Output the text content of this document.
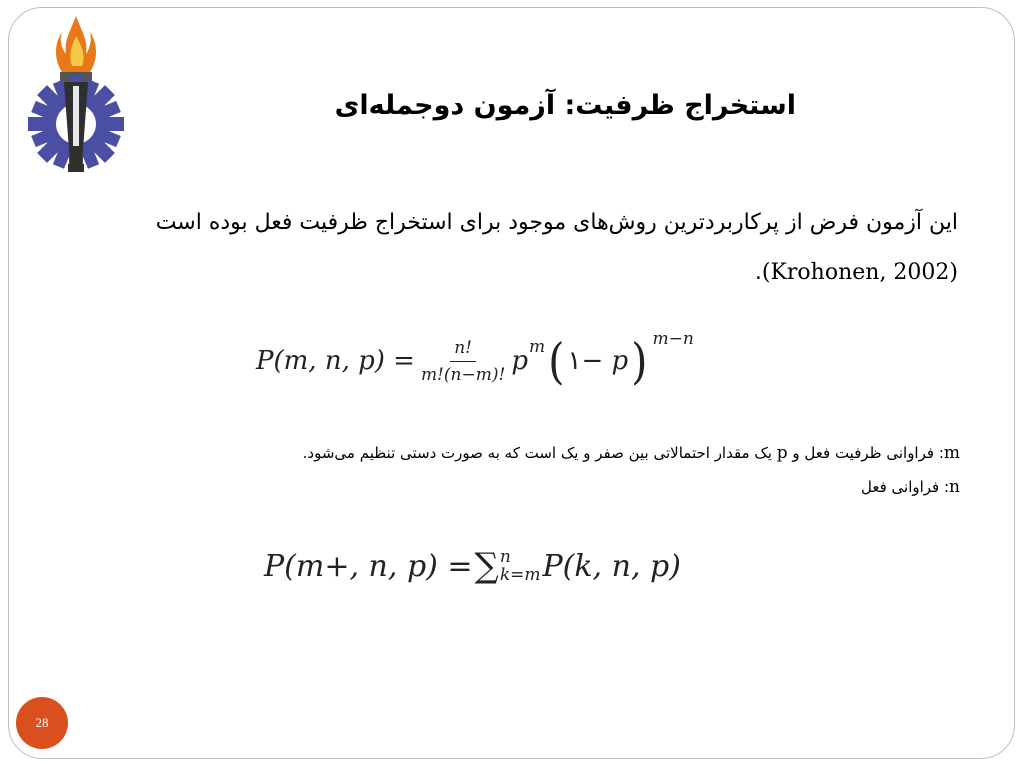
استخراج ظرفیت: آزمون دوجمله‌ای
این آزمون فرض از پرکاربردترین روش‌های موجود برای استخراج ظرفیت فعل بوده است (Krohonen, 2002).
P(m, n, $p) = \frac{n!}{m!(n-m)!}$ p m ( ۱ − p ) m−n
m: فراوانی ظرفیت فعل و p یک مقدار احتمالاتی بین صفر و یک است که به صورت دستی تنظیم می‌شود.
n: فراوانی فعل
P(m+, n, p) = ∑ n
k=m P(k, n, p)
28
